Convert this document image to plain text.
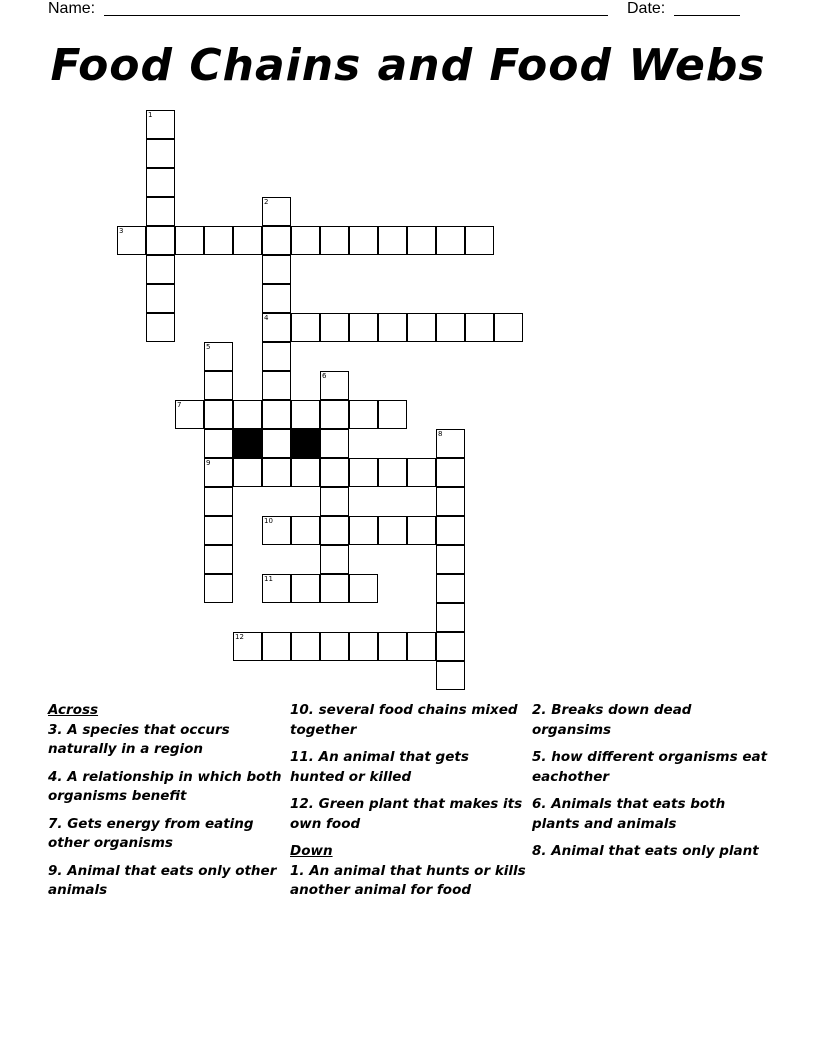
Name:	Date:
Food Chains and Food Webs
1
2
4
3
5
9
6
7
8
10
11
12
Across

3. A species that occurs naturally in a region

4. A relationship in which both organisms benefit

7. Gets energy from eating other organisms

9. Animal that eats only other animals

10. several food chains mixed together

11. An animal that gets hunted or killed

12. Green plant that makes its own food

Down

1. An animal that hunts or kills another animal for food

2. Breaks down dead organsims

5. how different organisms eat eachother

6. Animals that eats both plants and animals

8. Animal that eats only plant
